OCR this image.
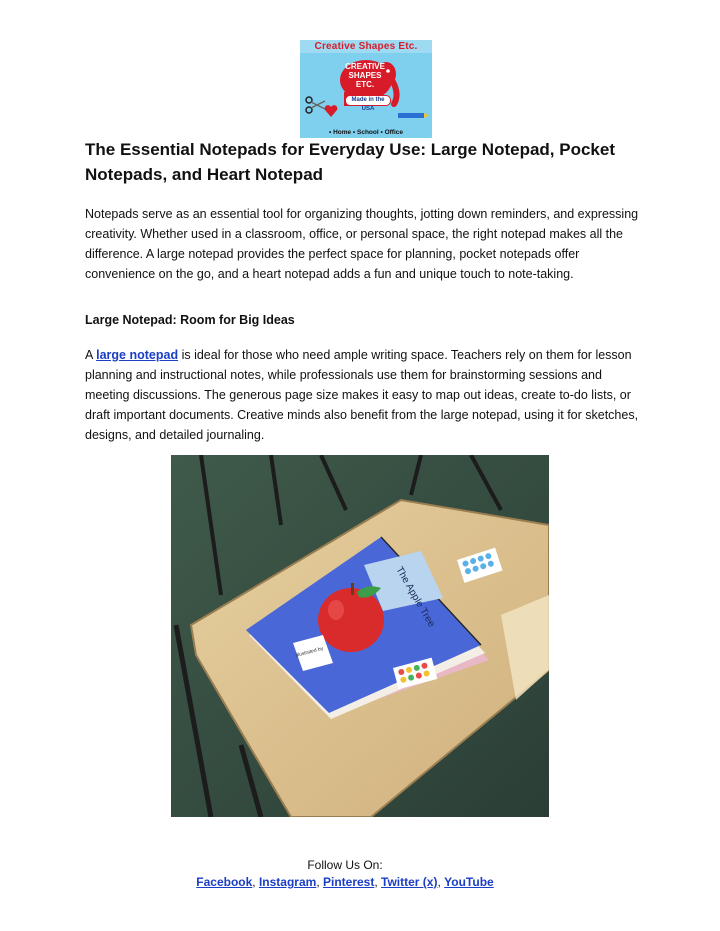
Creative Shapes Etc.
CREATIVE SHAPES ETC.
Made in the USA
• Home • School • Office
The Essential Notepads for Everyday Use: Large Notepad, Pocket Notepads, and Heart Notepad

Notepads serve as an essential tool for organizing thoughts, jotting down reminders, and expressing creativity. Whether used in a classroom, office, or personal space, the right notepad makes all the difference. A large notepad provides the perfect space for planning, pocket notepads offer convenience on the go, and a heart notepad adds a fun and unique touch to note-taking.

Large Notepad: Room for Big Ideas

A large notepad is ideal for those who need ample writing space. Teachers rely on them for lesson planning and instructional notes, while professionals use them for brainstorming sessions and meeting discussions. The generous page size makes it easy to map out ideas, create to-do lists, or draft important documents. Creative minds also benefit from the large notepad, using it for sketches, designs, and detailed journaling.

The Apple Tree
Illustrated by
Follow Us On:
Facebook, Instagram, Pinterest, Twitter (x), YouTube
